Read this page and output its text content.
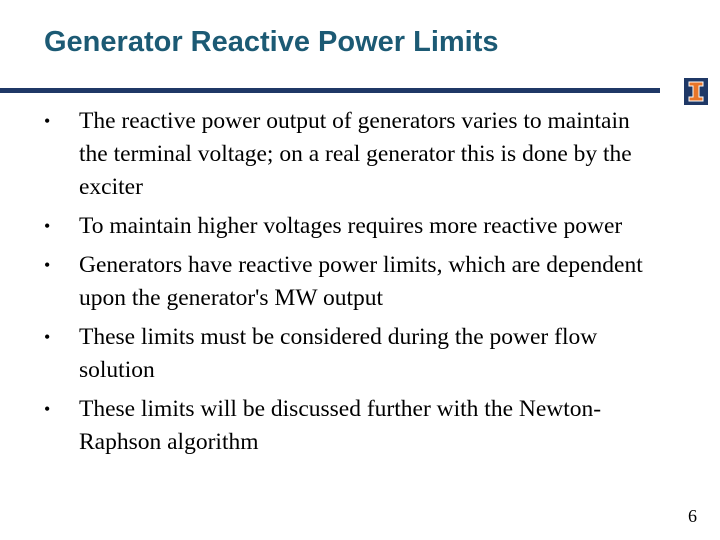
Generator Reactive Power Limits
•	The reactive power output of generators varies to maintain the terminal voltage; on a real generator this is done by the exciter
•	To maintain higher voltages requires more reactive power
•	Generators have reactive power limits, which are dependent upon the generator's MW output
•	These limits must be considered during the power flow solution
•	These limits will be discussed further with the Newton-Raphson algorithm
6
